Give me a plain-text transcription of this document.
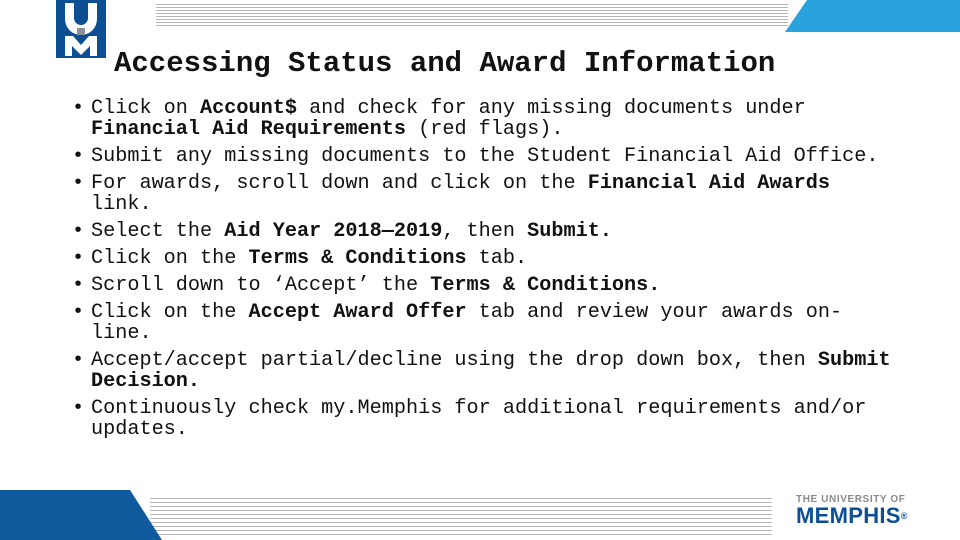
Accessing Status and Award Information
• Click on Account$ and check for any missing documents under Financial Aid Requirements (red flags).
• Submit any missing documents to the Student Financial Aid Office.
• For awards, scroll down and click on the Financial Aid Awards link.
• Select the Aid Year 2018—2019, then Submit.
• Click on the Terms & Conditions tab.
• Scroll down to ‘Accept’ the Terms & Conditions.
• Click on the Accept Award Offer tab and review your awards on-line.
• Accept/accept partial/decline using the drop down box, then Submit Decision.
• Continuously check my.Memphis for additional requirements and/or updates.
THE UNIVERSITY OF
MEMPHIS®
